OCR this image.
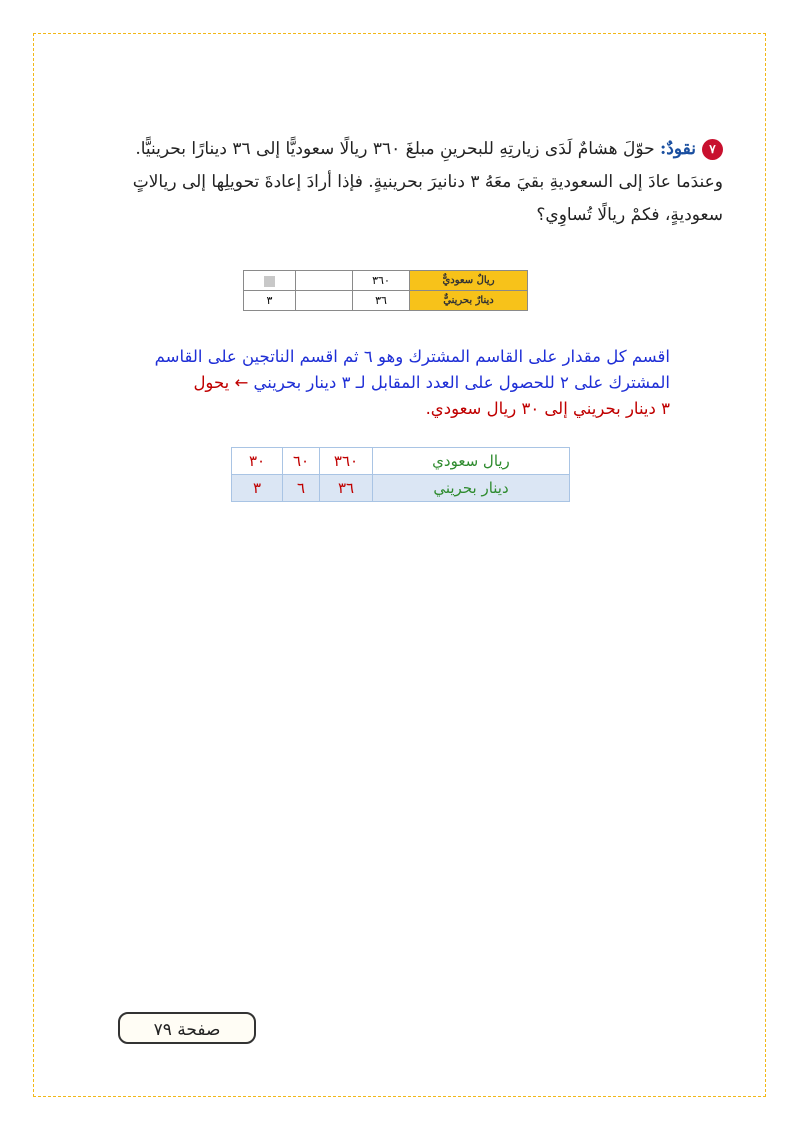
٧نقودٌ: حوّلَ هشامٌ لَدَى زيارتِهِ للبحرينِ مبلغَ ٣٦٠ ريالًا سعوديًّا إلى ٣٦ دينارًا بحرينيًّا.
وعندَما عادَ إلى السعوديةِ بقيَ معَهُ ٣ دنانيرَ بحرينيةٍ. فإذا أرادَ إعادةَ تحويلِها إلى ريالاتٍ
سعوديةٍ، فكمْ ريالًا تُساوِي؟
ريالٌ سعوديٌّ	٣٦٠		
دينارٌ بحرينيٌّ	٣٦		٣
اقسم كل مقدار على القاسم المشترك وهو ٦ ثم اقسم الناتجين على القاسم
المشترك على ٢ للحصول على العدد المقابل لـ ٣ دينار بحريني ← يحول
٣ دينار بحريني إلى ٣٠ ريال سعودي.
ريال سعودي	٣٦٠	٦٠	٣٠
دينار بحريني	٣٦	٦	٣
صفحة ٧٩
